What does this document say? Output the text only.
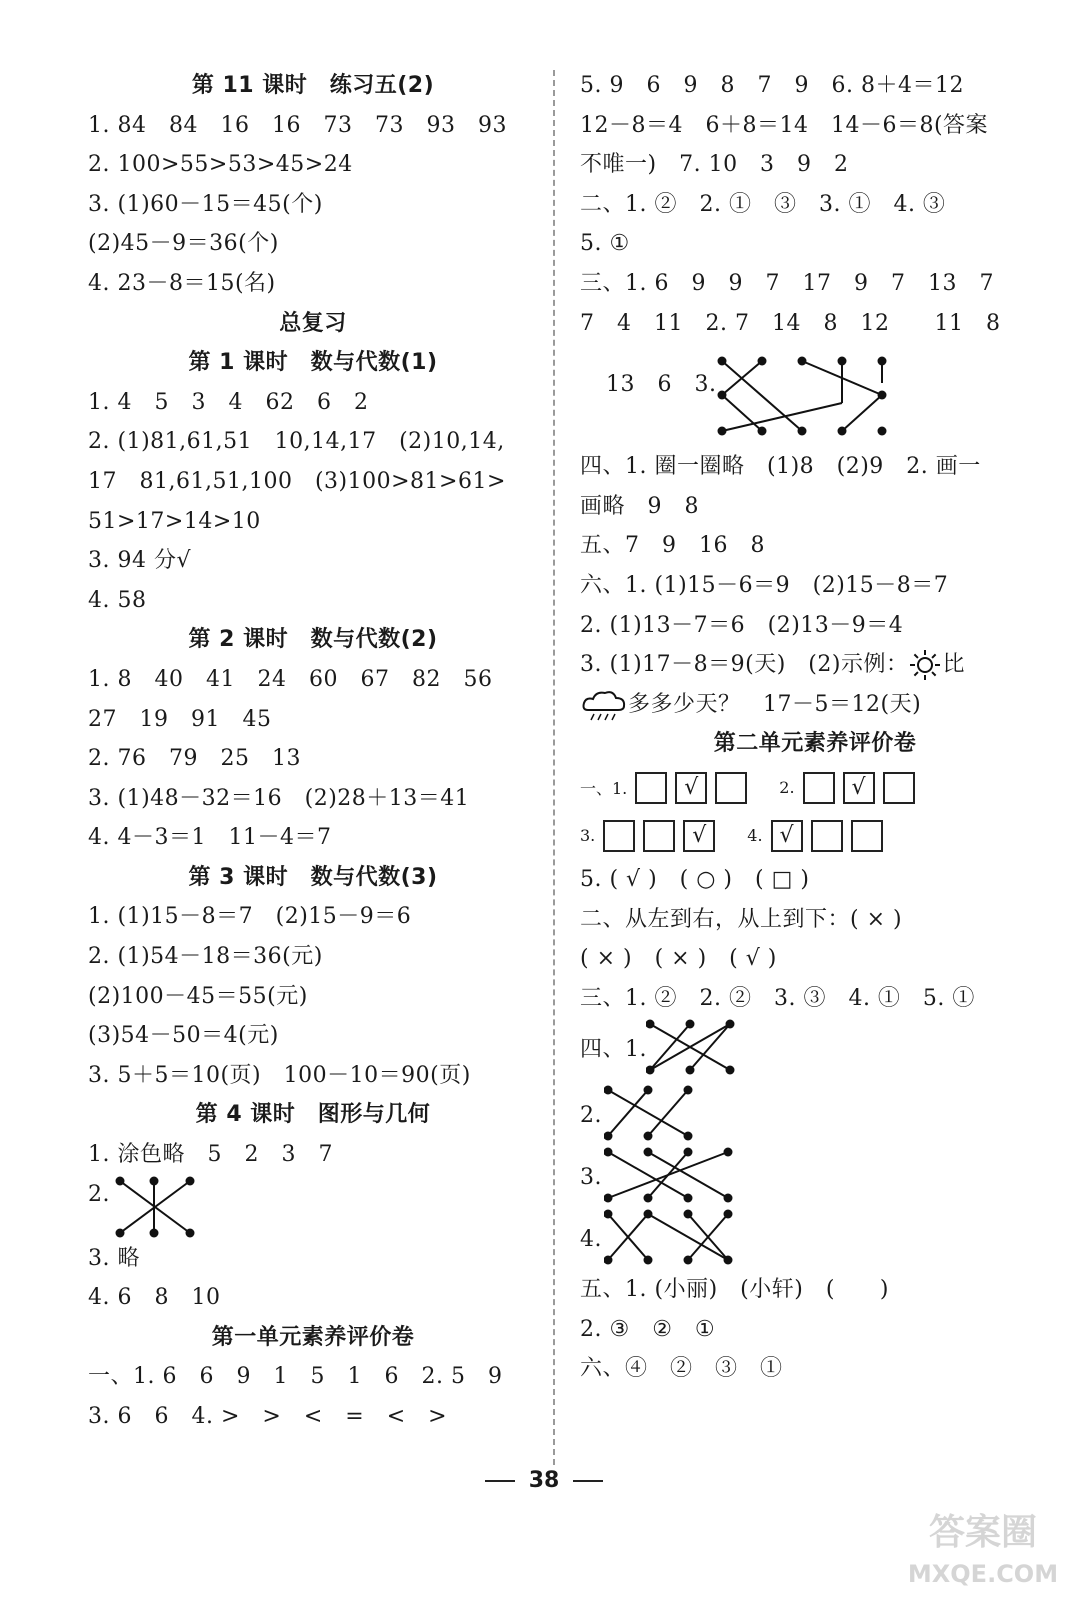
第 11 课时　练习五(2)
1. 84　84　16　16　73　73　93　93
2. 100>55>53>45>24
3. (1)60－15＝45(个)
(2)45－9＝36(个)
4. 23－8＝15(名)
总复习
第 1 课时　数与代数(1)
1. 4　5　3　4　62　6　2
2. (1)81,61,51　10,14,17　(2)10,14,
17　81,61,51,100　(3)100>81>61>
51>17>14>10
3. 94 分√
4. 58
第 2 课时　数与代数(2)
1. 8　40　41　24　60　67　82　56
27　19　91　45
2. 76　79　25　13
3. (1)48－32＝16　(2)28＋13＝41
4. 4－3＝1　11－4＝7
第 3 课时　数与代数(3)
1. (1)15－8＝7　(2)15－9＝6
2. (1)54－18＝36(元)
(2)100－45＝55(元)
(3)54－50＝4(元)
3. 5＋5＝10(页)　100－10＝90(页)
第 4 课时　图形与几何
1. 涂色略　5　2　3　7
2.
3. 略
4. 6　8　10
第一单元素养评价卷
一、1. 6　6　9　1　5　1　6　2. 5　9
3. 6　6　4. >　>　<　=　<　>
5. 9　6　9　8　7　9　6. 8＋4＝12
12－8＝4　6＋8＝14　14－6＝8(答案
不唯一)　7. 10　3　9　2
二、1. ②　2. ①　③　3. ①　4. ③
5. ①
三、1. 6　9　9　7　17　9　7　13　7
7　4　11　2. 7　14　8　12　　11　8
13　6　3.
四、1. 圈一圈略　(1)8　(2)9　2. 画一
画略　9　8
五、7　9　16　8
六、1. (1)15－6＝9　(2)15－8＝7
2. (1)13－7＝6　(2)13－9＝4
3. (1)17－8＝9(天)　(2)示例： 比
多多少天？　17－5＝12(天)
第二单元素养评价卷
一、1.	√	2.	√
3.	√	4. √
5. ( √ )　( ○ )　( □ )
二、从左到右，从上到下：( × )
( × )　( × )　( √ )
三、1. ②　2. ②　3. ③　4. ①　5. ①
四、1.
2.
3.
4.
五、1. (小丽)　(小轩)　(　　)
2. ③　②　①
六、④　②　③　①
38
答案圈
MXQE.COM
